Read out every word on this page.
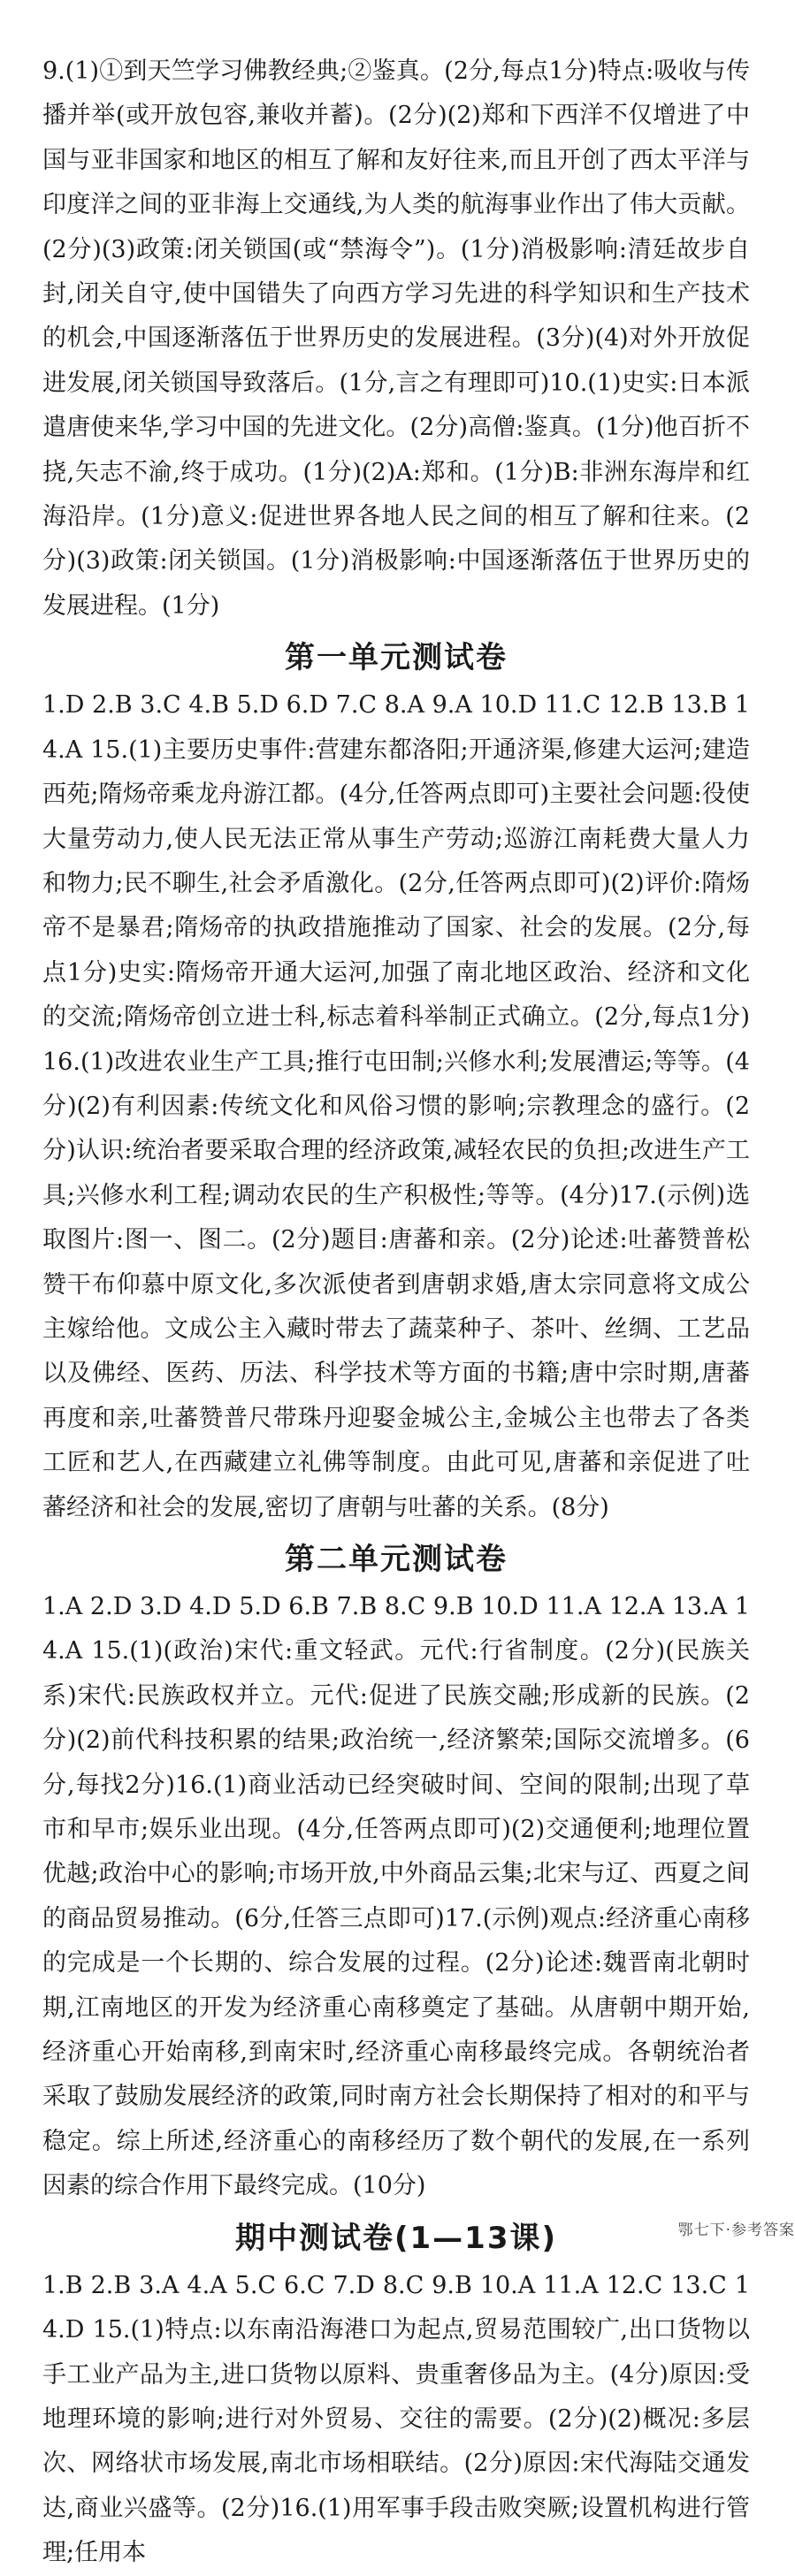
9.(1)①到天竺学习佛教经典;②鉴真。(2分,每点1分)特点:吸收与传播并举(或开放包容,兼收并蓄)。(2分)(2)郑和下西洋不仅增进了中国与亚非国家和地区的相互了解和友好往来,而且开创了西太平洋与印度洋之间的亚非海上交通线,为人类的航海事业作出了伟大贡献。(2分)(3)政策:闭关锁国(或“禁海令”)。(1分)消极影响:清廷故步自封,闭关自守,使中国错失了向西方学习先进的科学知识和生产技术的机会,中国逐渐落伍于世界历史的发展进程。(3分)(4)对外开放促进发展,闭关锁国导致落后。(1分,言之有理即可)10.(1)史实:日本派遣唐使来华,学习中国的先进文化。(2分)高僧:鉴真。(1分)他百折不挠,矢志不渝,终于成功。(1分)(2)A:郑和。(1分)B:非洲东海岸和红海沿岸。(1分)意义:促进世界各地人民之间的相互了解和往来。(2分)(3)政策:闭关锁国。(1分)消极影响:中国逐渐落伍于世界历史的发展进程。(1分)

第一单元测试卷

1.D 2.B 3.C 4.B 5.D 6.D 7.C 8.A 9.A 10.D 11.C 12.B 13.B 14.A 15.(1)主要历史事件:营建东都洛阳;开通济渠,修建大运河;建造西苑;隋炀帝乘龙舟游江都。(4分,任答两点即可)主要社会问题:役使大量劳动力,使人民无法正常从事生产劳动;巡游江南耗费大量人力和物力;民不聊生,社会矛盾激化。(2分,任答两点即可)(2)评价:隋炀帝不是暴君;隋炀帝的执政措施推动了国家、社会的发展。(2分,每点1分)史实:隋炀帝开通大运河,加强了南北地区政治、经济和文化的交流;隋炀帝创立进士科,标志着科举制正式确立。(2分,每点1分)16.(1)改进农业生产工具;推行屯田制;兴修水利;发展漕运;等等。(4分)(2)有利因素:传统文化和风俗习惯的影响;宗教理念的盛行。(2分)认识:统治者要采取合理的经济政策,减轻农民的负担;改进生产工具;兴修水利工程;调动农民的生产积极性;等等。(4分)17.(示例)选取图片:图一、图二。(2分)题目:唐蕃和亲。(2分)论述:吐蕃赞普松赞干布仰慕中原文化,多次派使者到唐朝求婚,唐太宗同意将文成公主嫁给他。文成公主入藏时带去了蔬菜种子、茶叶、丝绸、工艺品以及佛经、医药、历法、科学技术等方面的书籍;唐中宗时期,唐蕃再度和亲,吐蕃赞普尺带珠丹迎娶金城公主,金城公主也带去了各类工匠和艺人,在西藏建立礼佛等制度。由此可见,唐蕃和亲促进了吐蕃经济和社会的发展,密切了唐朝与吐蕃的关系。(8分)

第二单元测试卷

1.A 2.D 3.D 4.D 5.D 6.B 7.B 8.C 9.B 10.D 11.A 12.A 13.A 14.A 15.(1)(政治)宋代:重文轻武。元代:行省制度。(2分)(民族关系)宋代:民族政权并立。元代:促进了民族交融;形成新的民族。(2分)(2)前代科技积累的结果;政治统一,经济繁荣;国际交流增多。(6分,每找2分)16.(1)商业活动已经突破时间、空间的限制;出现了草市和早市;娱乐业出现。(4分,任答两点即可)(2)交通便利;地理位置优越;政治中心的影响;市场开放,中外商品云集;北宋与辽、西夏之间的商品贸易推动。(6分,任答三点即可)17.(示例)观点:经济重心南移的完成是一个长期的、综合发展的过程。(2分)论述:魏晋南北朝时期,江南地区的开发为经济重心南移奠定了基础。从唐朝中期开始,经济重心开始南移,到南宋时,经济重心南移最终完成。各朝统治者采取了鼓励发展经济的政策,同时南方社会长期保持了相对的和平与稳定。综上所述,经济重心的南移经历了数个朝代的发展,在一系列因素的综合作用下最终完成。(10分)

期中测试卷(1—13课)

1.B 2.B 3.A 4.A 5.C 6.C 7.D 8.C 9.B 10.A 11.A 12.C 13.C 14.D 15.(1)特点:以东南沿海港口为起点,贸易范围较广,出口货物以手工业产品为主,进口货物以原料、贵重奢侈品为主。(4分)原因:受地理环境的影响;进行对外贸易、交往的需要。(2分)(2)概况:多层次、网络状市场发展,南北市场相联结。(2分)原因:宋代海陆交通发达,商业兴盛等。(2分)16.(1)用军事手段击败突厥;设置机构进行管理;任用本

鄂七下·参考答案
